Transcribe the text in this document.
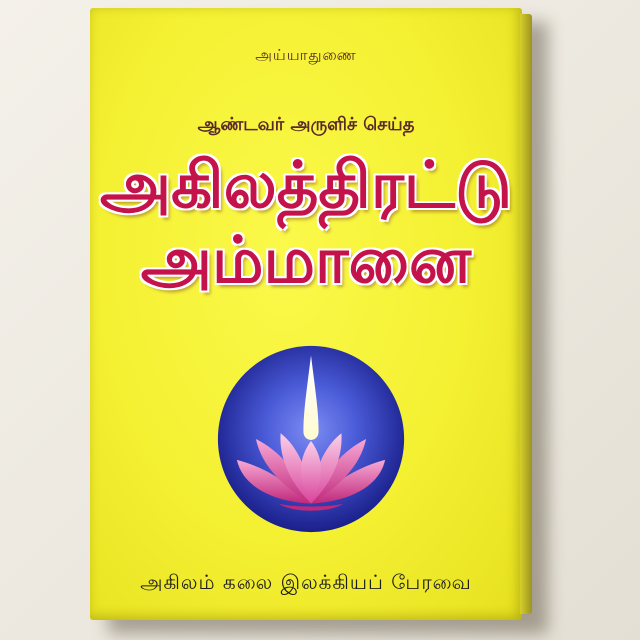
அய்யாதுணை
ஆண்டவர் அருளிச் செய்த
அகிலத்திரட்டு
அம்மானை
அகிலம் கலை இலக்கியப் பேரவை
